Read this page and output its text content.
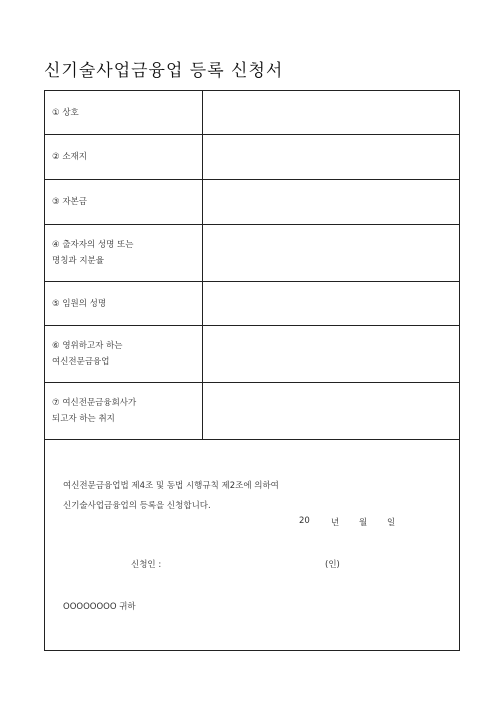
신기술사업금융업 등록 신청서
① 상호
② 소재지
③ 자본금
④ 출자자의 성명 또는
명칭과 지분율
⑤ 임원의 성명
⑥ 영위하고자 하는
여신전문금융업
⑦ 여신전문금융회사가
되고자 하는 취지
여신전문금융업법 제4조 및 동법 시행규칙 제2조에 의하여
신기술사업금융업의 등록을 신청합니다.
20 년 월 일
신청인 :	(인)
OOOOOOOO 귀하
